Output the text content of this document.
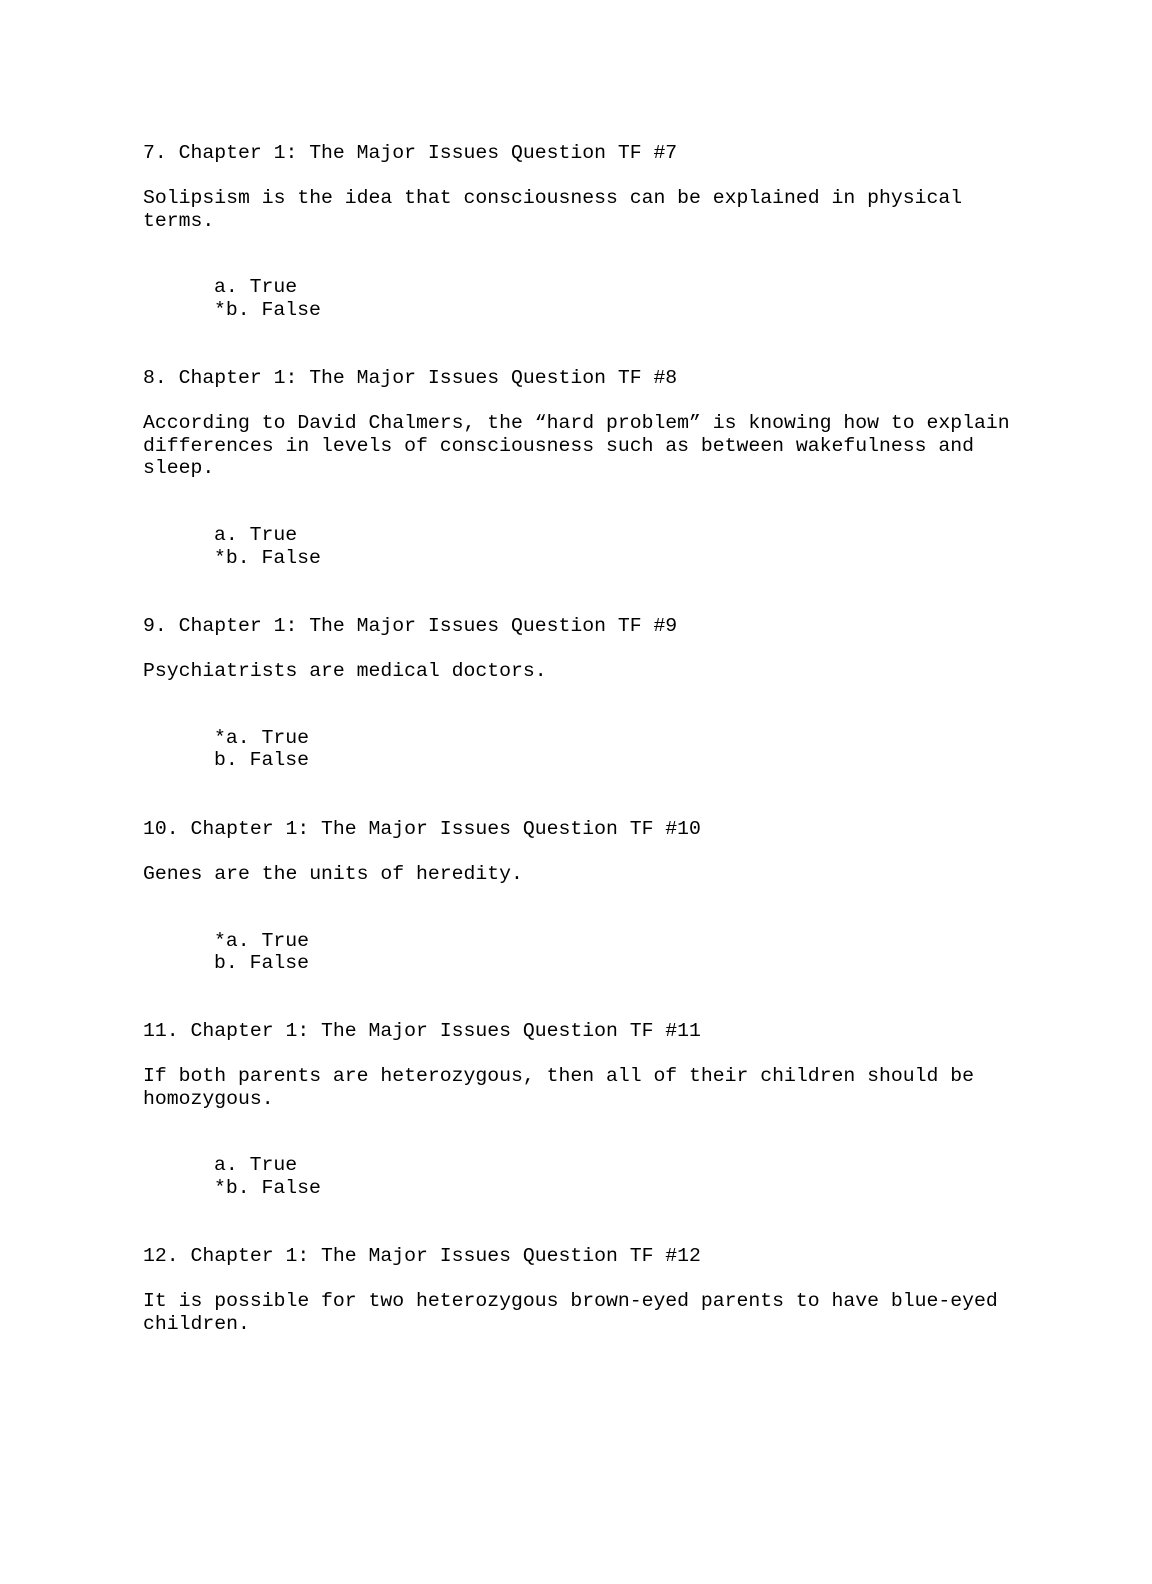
7. Chapter 1: The Major Issues Question TF #7

Solipsism is the idea that consciousness can be explained in physical terms.

a. True
*b. False

8. Chapter 1: The Major Issues Question TF #8

According to David Chalmers, the “hard problem” is knowing how to explain differences in levels of consciousness such as between wakefulness and sleep.

a. True
*b. False

9. Chapter 1: The Major Issues Question TF #9

Psychiatrists are medical doctors.

*a. True
b. False

10. Chapter 1: The Major Issues Question TF #10

Genes are the units of heredity.

*a. True
b. False

11. Chapter 1: The Major Issues Question TF #11

If both parents are heterozygous, then all of their children should be homozygous.

a. True
*b. False

12. Chapter 1: The Major Issues Question TF #12

It is possible for two heterozygous brown-eyed parents to have blue-eyed children.
